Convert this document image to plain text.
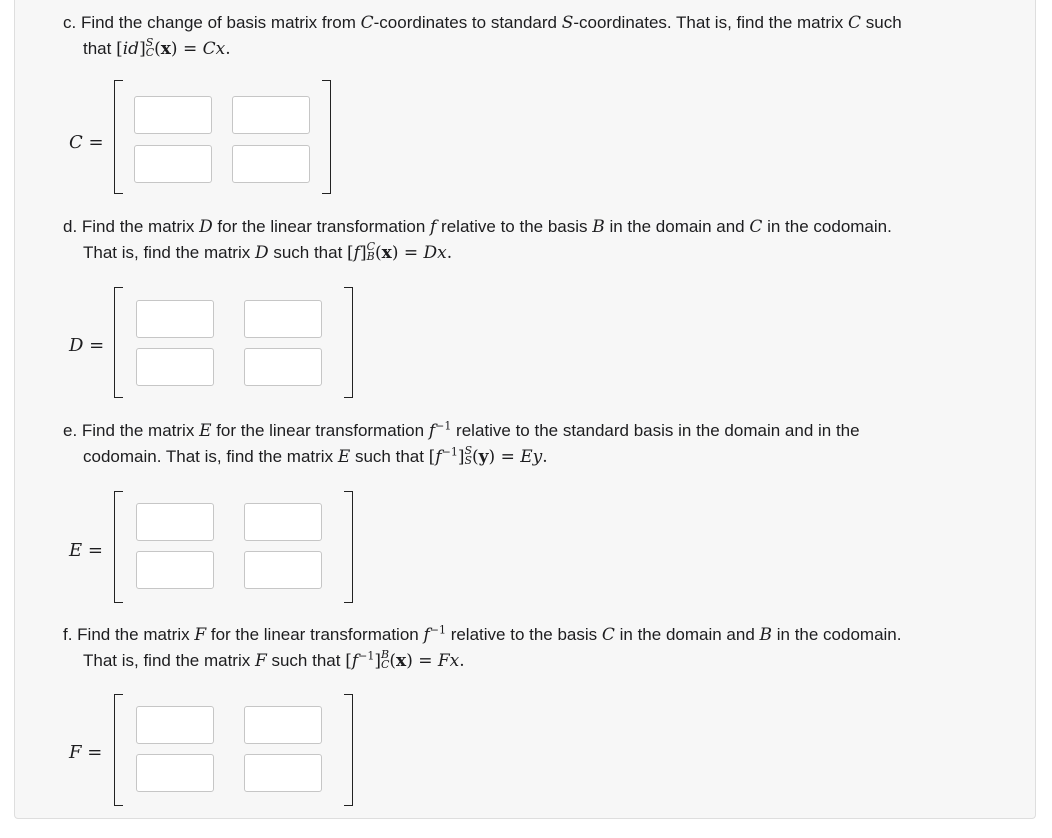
c. Find the change of basis matrix from C-coordinates to standard S-coordinates. That is, find the matrix C such
that [id] S
C (x) = Cx.
C =
d. Find the matrix D for the linear transformation f relative to the basis B in the domain and C in the codomain.
That is, find the matrix D such that [f] C
B (x) = Dx.
D =
e. Find the matrix E for the linear transformation $f^{-1}$ relative to the standard basis in the domain and in the
codomain. That is, find the matrix E such that $[f^{-1}]$ S
S (y) = Ey.
E =
f. Find the matrix F for the linear transformation $f^{-1}$ relative to the basis C in the domain and B in the codomain.
That is, find the matrix F such that $[f^{-1}]$ B
C (x) = Fx.
F =
